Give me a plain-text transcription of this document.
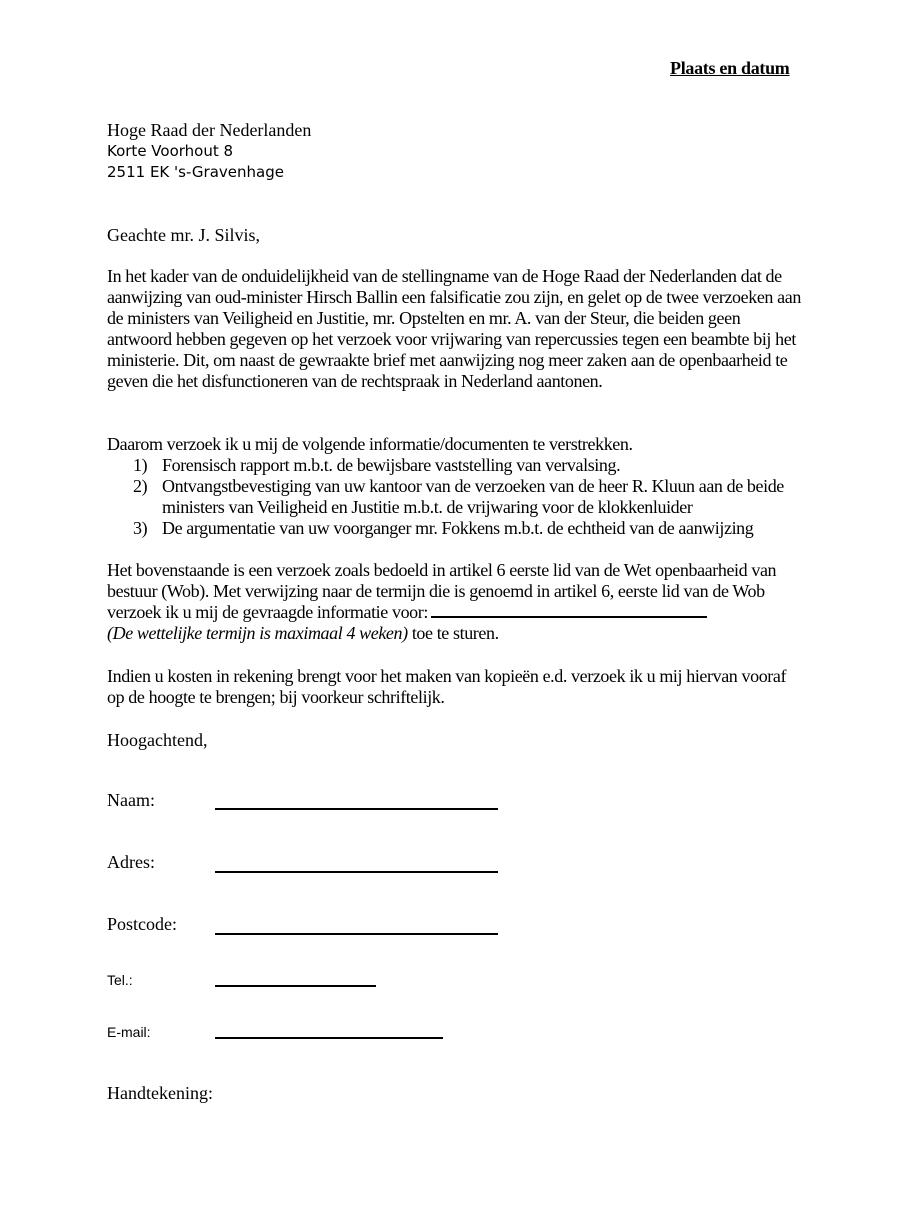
Plaats en datum
Hoge Raad der Nederlanden
Korte Voorhout 8
2511 EK 's-Gravenhage
Geachte mr. J. Silvis,
In het kader van de onduidelijkheid van de stellingname van de Hoge Raad der Nederlanden dat de aanwijzing van oud-minister Hirsch Ballin een falsificatie zou zijn, en gelet op de twee verzoeken aan de ministers van Veiligheid en Justitie, mr. Opstelten en mr. A. van der Steur, die beiden geen antwoord hebben gegeven op het verzoek voor vrijwaring van repercussies tegen een beambte bij het ministerie. Dit, om naast de gewraakte brief met aanwijzing nog meer zaken aan de openbaarheid te geven die het disfunctioneren van de rechtspraak in Nederland aantonen.
Daarom verzoek ik u mij de volgende informatie/documenten te verstrekken.
1) Forensisch rapport m.b.t. de bewijsbare vaststelling van vervalsing.
2) Ontvangstbevestiging van uw kantoor van de verzoeken van de heer R. Kluun aan de beide ministers van Veiligheid en Justitie m.b.t. de vrijwaring voor de klokkenluider
3) De argumentatie van uw voorganger mr. Fokkens m.b.t. de echtheid van de aanwijzing
Het bovenstaande is een verzoek zoals bedoeld in artikel 6 eerste lid van de Wet openbaarheid van bestuur (Wob). Met verwijzing naar de termijn die is genoemd in artikel 6, eerste lid van de Wob verzoek ik u mij de gevraagde informatie voor:
(De wettelijke termijn is maximaal 4 weken) toe te sturen.
Indien u kosten in rekening brengt voor het maken van kopieën e.d. verzoek ik u mij hiervan vooraf op de hoogte te brengen; bij voorkeur schriftelijk.
Hoogachtend,
Naam:
Adres:
Postcode:
Tel.:
E-mail:
Handtekening:
